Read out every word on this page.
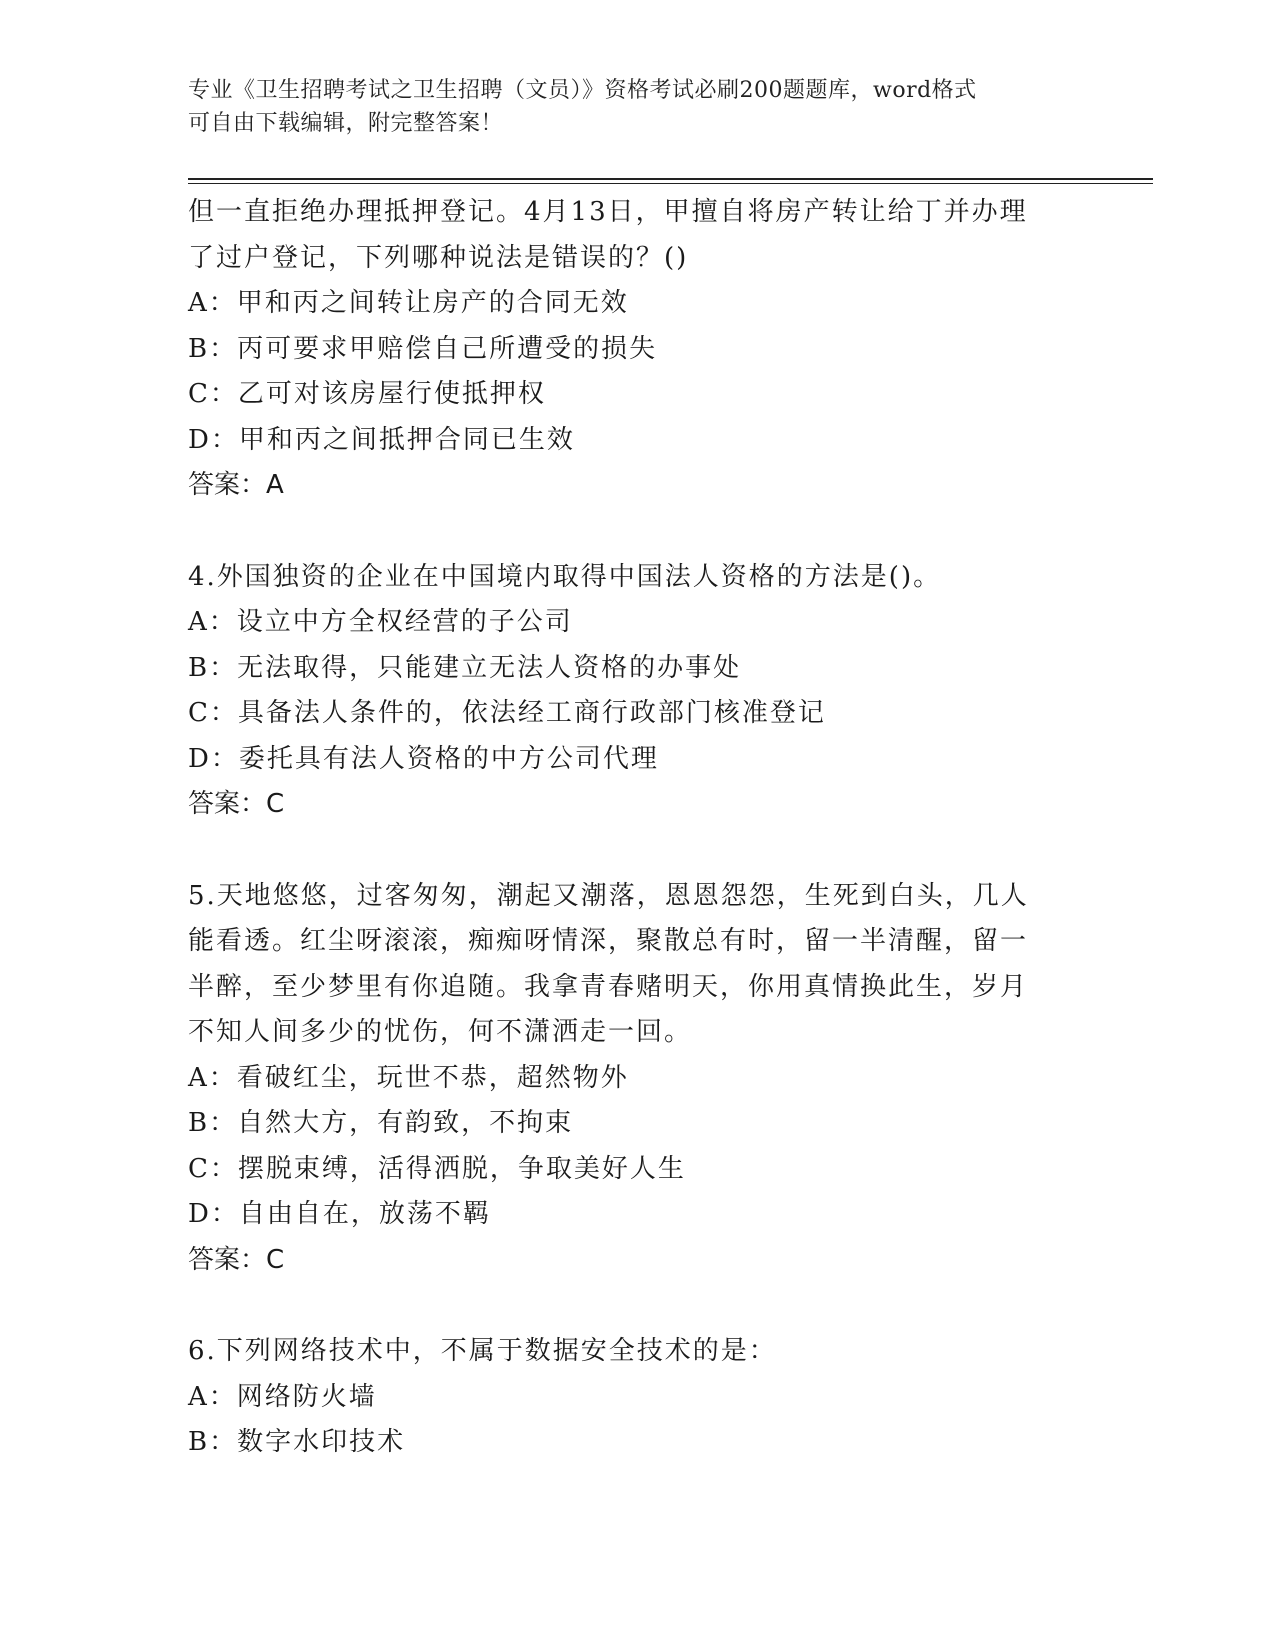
专业《卫生招聘考试之卫生招聘（文员）》资格考试必刷200题题库，word格式
可自由下载编辑，附完整答案！
但一直拒绝办理抵押登记。4月13日，甲擅自将房产转让给丁并办理
了过户登记，下列哪种说法是错误的？()
A：甲和丙之间转让房产的合同无效
B：丙可要求甲赔偿自己所遭受的损失
C：乙可对该房屋行使抵押权
D：甲和丙之间抵押合同已生效
答案：A
4.外国独资的企业在中国境内取得中国法人资格的方法是()。
A：设立中方全权经营的子公司
B：无法取得，只能建立无法人资格的办事处
C：具备法人条件的，依法经工商行政部门核准登记
D：委托具有法人资格的中方公司代理
答案：C
5.天地悠悠，过客匆匆，潮起又潮落，恩恩怨怨，生死到白头，几人
能看透。红尘呀滚滚，痴痴呀情深，聚散总有时，留一半清醒，留一
半醉，至少梦里有你追随。我拿青春赌明天，你用真情换此生，岁月
不知人间多少的忧伤，何不潇洒走一回。
A：看破红尘，玩世不恭，超然物外
B：自然大方，有韵致，不拘束
C：摆脱束缚，活得洒脱，争取美好人生
D：自由自在，放荡不羁
答案：C
6.下列网络技术中，不属于数据安全技术的是：
A：网络防火墙
B：数字水印技术
